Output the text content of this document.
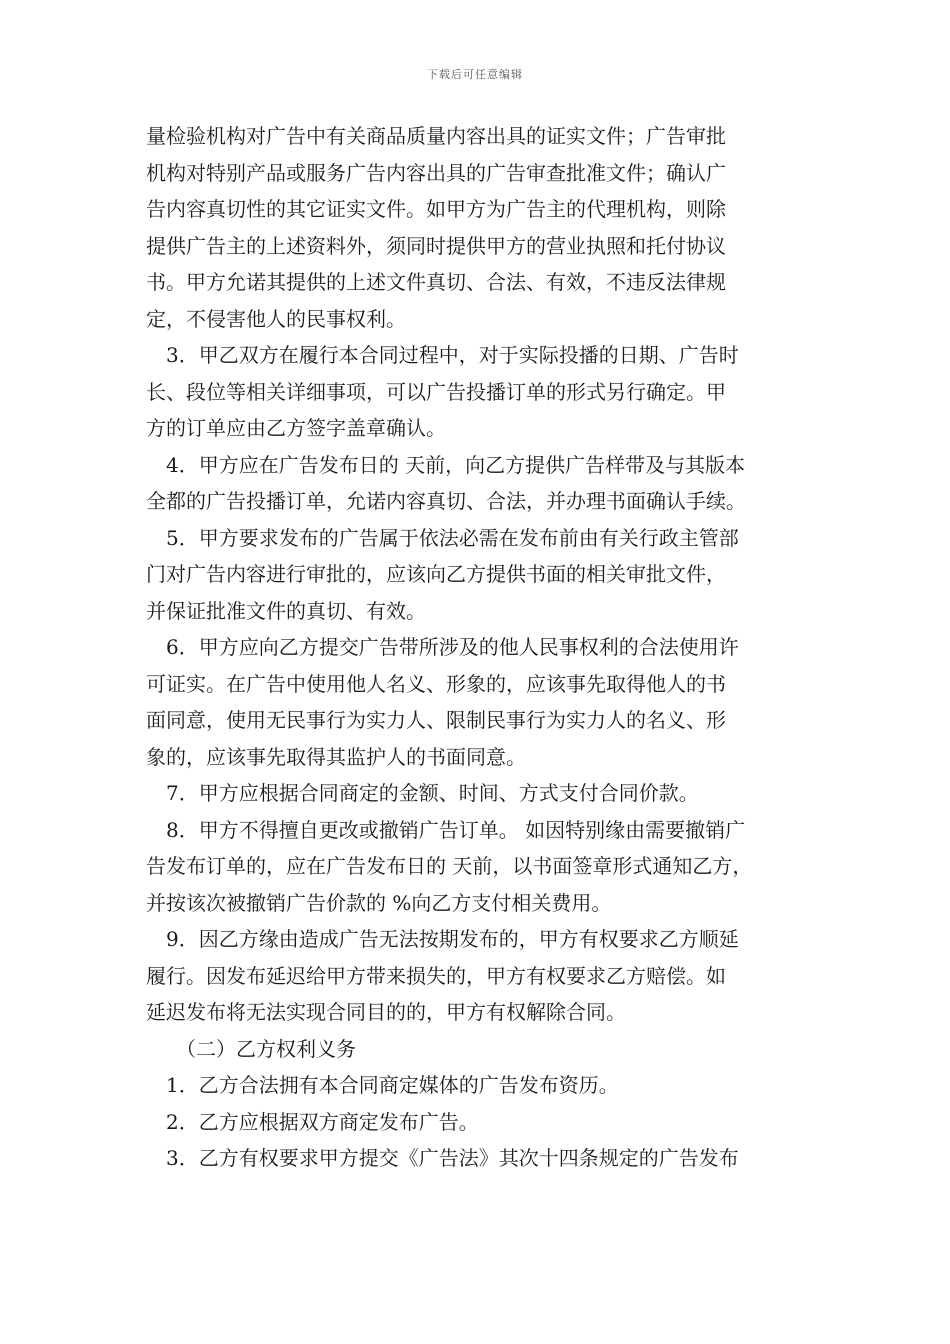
下载后可任意编辑

量检验机构对广告中有关商品质量内容出具的证实文件；广告审批

机构对特别产品或服务广告内容出具的广告审查批准文件；确认广

告内容真切性的其它证实文件。如甲方为广告主的代理机构，则除

提供广告主的上述资料外，须同时提供甲方的营业执照和托付协议

书。甲方允诺其提供的上述文件真切、合法、有效，不违反法律规

定，不侵害他人的民事权利。

3．甲乙双方在履行本合同过程中，对于实际投播的日期、广告时

长、段位等相关详细事项，可以广告投播订单的形式另行确定。甲

方的订单应由乙方签字盖章确认。

4．甲方应在广告发布日的 天前，向乙方提供广告样带及与其版本

全都的广告投播订单，允诺内容真切、合法，并办理书面确认手续。

5．甲方要求发布的广告属于依法必需在发布前由有关行政主管部

门对广告内容进行审批的，应该向乙方提供书面的相关审批文件，

并保证批准文件的真切、有效。

6．甲方应向乙方提交广告带所涉及的他人民事权利的合法使用许

可证实。在广告中使用他人名义、形象的，应该事先取得他人的书

面同意，使用无民事行为实力人、限制民事行为实力人的名义、形

象的，应该事先取得其监护人的书面同意。

7．甲方应根据合同商定的金额、时间、方式支付合同价款。

8．甲方不得擅自更改或撤销广告订单。 如因特别缘由需要撤销广

告发布订单的，应在广告发布日的 天前，以书面签章形式通知乙方，

并按该次被撤销广告价款的 %向乙方支付相关费用。

9．因乙方缘由造成广告无法按期发布的，甲方有权要求乙方顺延

履行。因发布延迟给甲方带来损失的，甲方有权要求乙方赔偿。如

延迟发布将无法实现合同目的的，甲方有权解除合同。

（二）乙方权利义务

1．乙方合法拥有本合同商定媒体的广告发布资历。

2．乙方应根据双方商定发布广告。

3．乙方有权要求甲方提交《广告法》其次十四条规定的广告发布
